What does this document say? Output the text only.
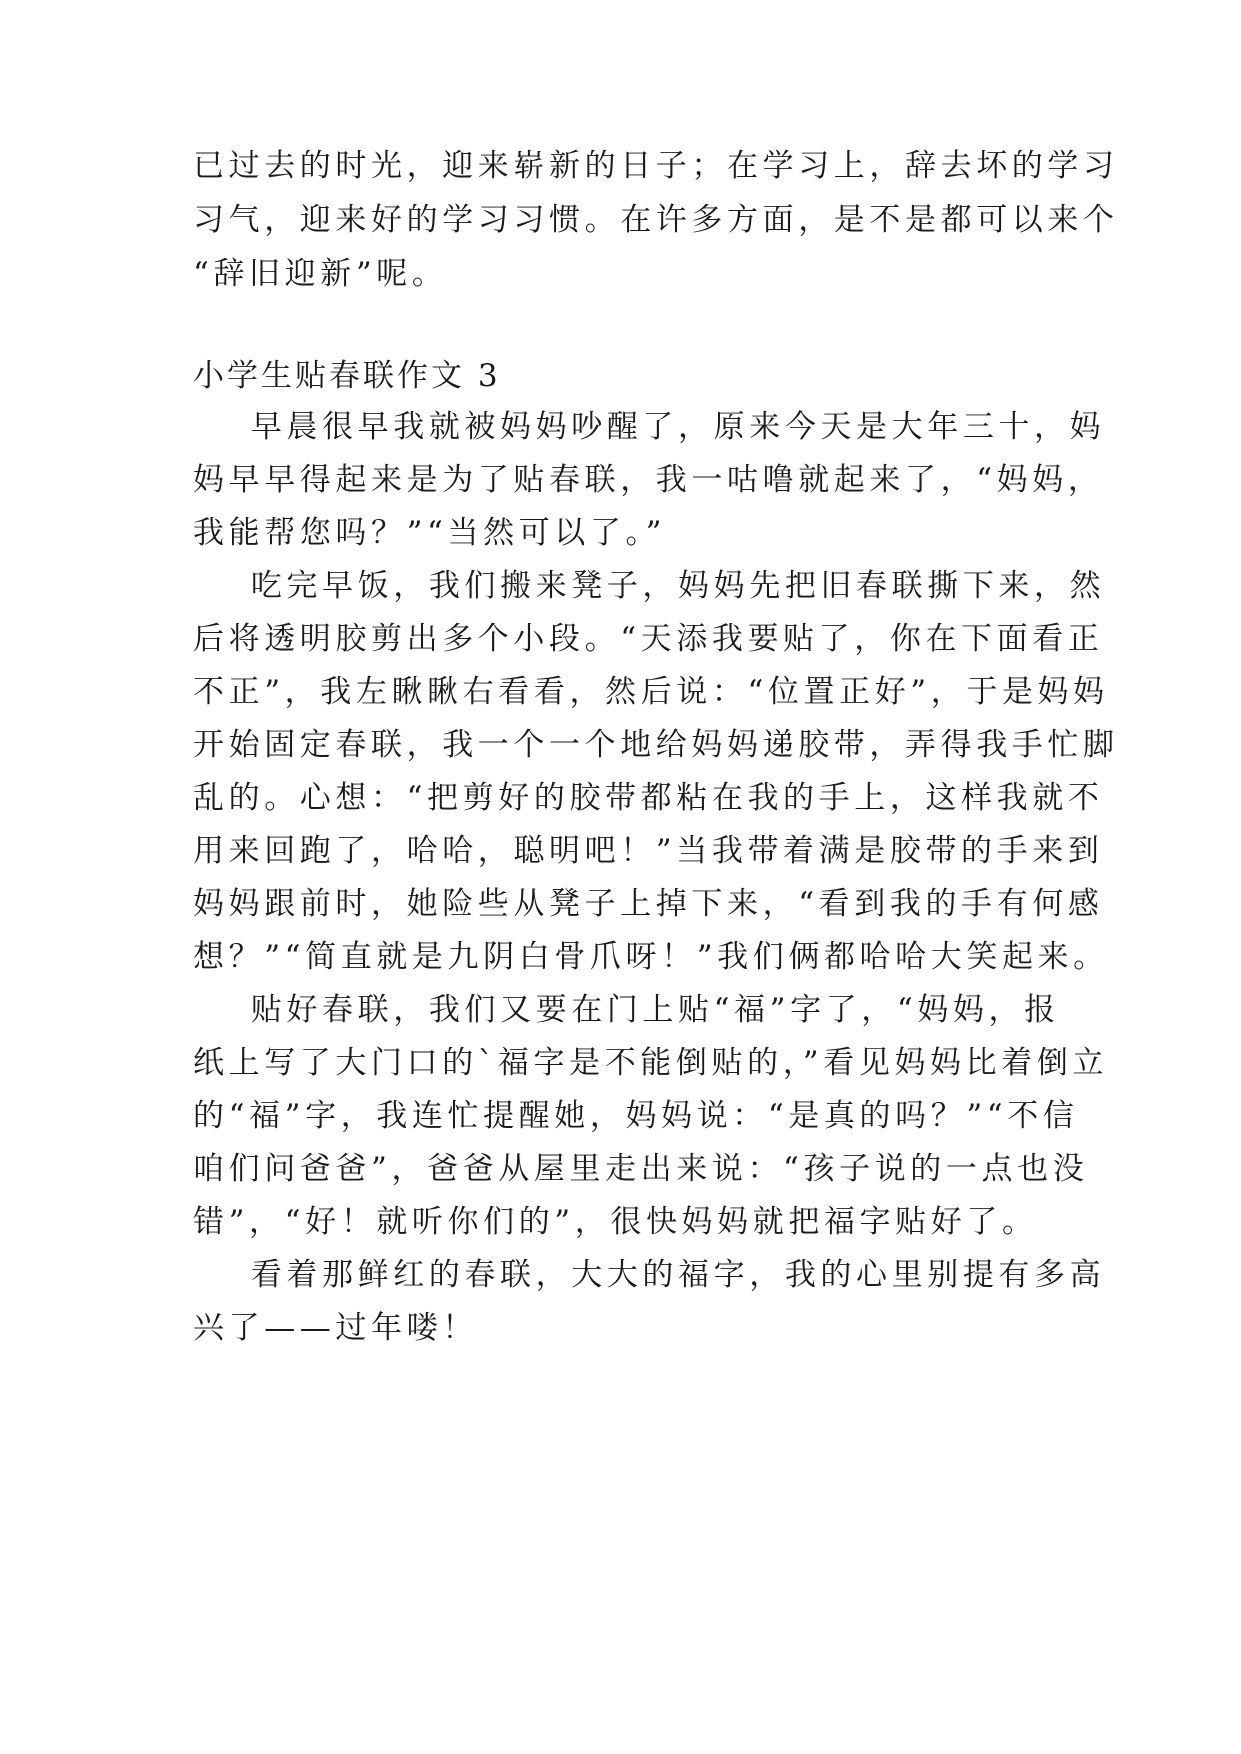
已过去的时光，迎来崭新的日子；在学习上，辞去坏的学习
习气，迎来好的学习习惯。在许多方面，是不是都可以来个
“辞旧迎新”呢。
小学生贴春联作文 3
早晨很早我就被妈妈吵醒了，原来今天是大年三十，妈
妈早早得起来是为了贴春联，我一咕噜就起来了，“妈妈，
我能帮您吗？”“当然可以了。”
吃完早饭，我们搬来凳子，妈妈先把旧春联撕下来，然
后将透明胶剪出多个小段。“天添我要贴了，你在下面看正
不正”，我左瞅瞅右看看，然后说：“位置正好”，于是妈妈
开始固定春联，我一个一个地给妈妈递胶带，弄得我手忙脚
乱的。心想：“把剪好的胶带都粘在我的手上，这样我就不
用来回跑了，哈哈，聪明吧！”当我带着满是胶带的手来到
妈妈跟前时，她险些从凳子上掉下来，“看到我的手有何感
想？”“简直就是九阴白骨爪呀！”我们俩都哈哈大笑起来。
贴好春联，我们又要在门上贴“福”字了，“妈妈，报
纸上写了大门口的`福字是不能倒贴的，”看见妈妈比着倒立
的“福”字，我连忙提醒她，妈妈说：“是真的吗？”“不信
咱们问爸爸”，爸爸从屋里走出来说：“孩子说的一点也没
错”，“好！就听你们的”，很快妈妈就把福字贴好了。
看着那鲜红的春联，大大的福字，我的心里别提有多高
兴了——过年喽！
